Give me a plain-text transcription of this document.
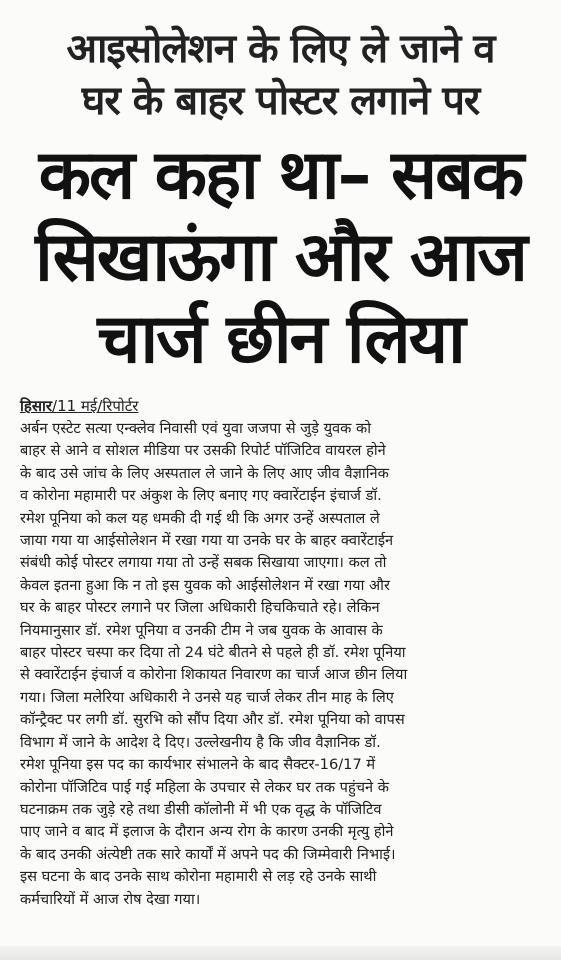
आइसोलेशन के लिए ले जाने व
घर के बाहर पोस्टर लगाने पर
कल कहा था– सबक
सिखाऊंगा और आज
चार्ज छीन लिया
हिसार/11 मई/रिपोर्टर
अर्बन एस्टेट सत्या एन्क्लेव निवासी एवं युवा जजपा से जुड़े युवक को
बाहर से आने व सोशल मीडिया पर उसकी रिपोर्ट पॉजिटिव वायरल होने
के बाद उसे जांच के लिए अस्पताल ले जाने के लिए आए जीव वैज्ञानिक
व कोरोना महामारी पर अंकुश के लिए बनाए गए क्वारेंटाईन इंचार्ज डॉ.
रमेश पूनिया को कल यह धमकी दी गई थी कि अगर उन्हें अस्पताल ले
जाया गया या आईसोलेशन में रखा गया या उनके घर के बाहर क्वारेंटाईन
संबंधी कोई पोस्टर लगाया गया तो उन्हें सबक सिखाया जाएगा। कल तो
केवल इतना हुआ कि न तो इस युवक को आईसोलेशन में रखा गया और
घर के बाहर पोस्टर लगाने पर जिला अधिकारी हिचकिचाते रहे। लेकिन
नियमानुसार डॉ. रमेश पूनिया व उनकी टीम ने जब युवक के आवास के
बाहर पोस्टर चस्पा कर दिया तो 24 घंटे बीतने से पहले ही डॉ. रमेश पूनिया
से क्वारेंटाईन इंचार्ज व कोरोना शिकायत निवारण का चार्ज आज छीन लिया
गया। जिला मलेरिया अधिकारी ने उनसे यह चार्ज लेकर तीन माह के लिए
कॉन्ट्रैक्ट पर लगी डॉ. सुरभि को सौंप दिया और डॉ. रमेश पूनिया को वापस
विभाग में जाने के आदेश दे दिए। उल्लेखनीय है कि जीव वैज्ञानिक डॉ.
रमेश पूनिया इस पद का कार्यभार संभालने के बाद सैक्टर-16/17 में
कोरोना पॉजिटिव पाई गई महिला के उपचार से लेकर घर तक पहुंचने के
घटनाक्रम तक जुड़े रहे तथा डीसी कॉलोनी में भी एक वृद्ध के पॉजिटिव
पाए जाने व बाद में इलाज के दौरान अन्य रोग के कारण उनकी मृत्यु होने
के बाद उनकी अंत्येष्टी तक सारे कार्यों में अपने पद की जिम्मेवारी निभाई।
इस घटना के बाद उनके साथ कोरोना महामारी से लड़ रहे उनके साथी
कर्मचारियों में आज रोष देखा गया।
